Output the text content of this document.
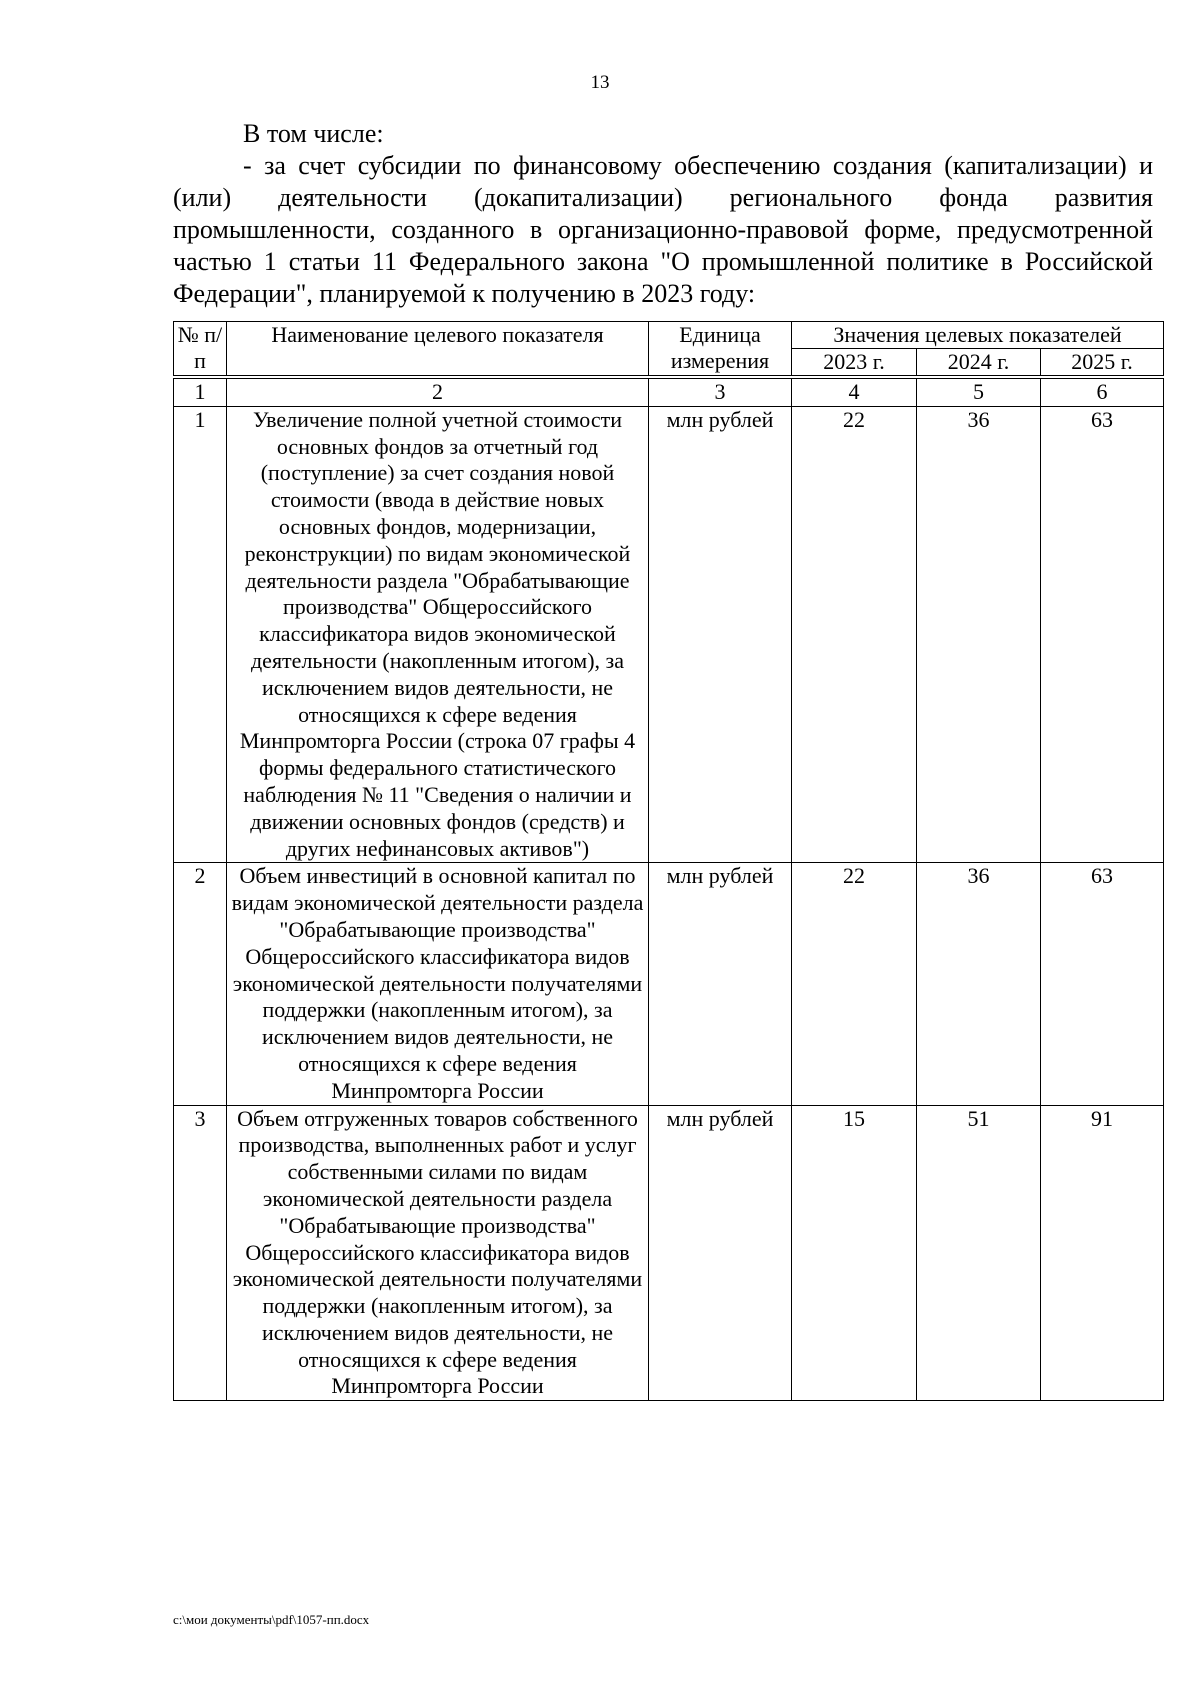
13

В том числе:

- за счет субсидии по финансовому обеспечению создания (капитализации) и (или) деятельности (докапитализации) регионального фонда развития промышленности, созданного в организационно-правовой форме, предусмотренной частью 1 статьи 11 Федерального закона "О промышленной политике в Российской Федерации", планируемой к получению в 2023 году:

№ п/п	Наименование целевого показателя	Единица измерения	Значения целевых показателей		
			2023 г.	2024 г.	2025 г.

1	2	3	4	5	6
1	Увеличение полной учетной стоимости основных фондов за отчетный год (поступление) за счет создания новой стоимости (ввода в действие новых основных фондов, модернизации, реконструкции) по видам экономической деятельности раздела "Обрабатывающие производства" Общероссийского классификатора видов экономической деятельности (накопленным итогом), за исключением видов деятельности, не относящихся к сфере ведения Минпромторга России (строка 07 графы 4 формы федерального статистического наблюдения № 11 "Сведения о наличии и движении основных фондов (средств) и других нефинансовых активов")	млн рублей	22	36	63
2	Объем инвестиций в основной капитал по видам экономической деятельности раздела "Обрабатывающие производства" Общероссийского классификатора видов экономической деятельности получателями поддержки (накопленным итогом), за исключением видов деятельности, не относящихся к сфере ведения Минпромторга России	млн рублей	22	36	63
3	Объем отгруженных товаров собственного производства, выполненных работ и услуг собственными силами по видам экономической деятельности раздела "Обрабатывающие производства" Общероссийского классификатора видов экономической деятельности получателями поддержки (накопленным итогом), за исключением видов деятельности, не относящихся к сфере ведения Минпромторга России	млн рублей	15	51	91
c:\мои документы\pdf\1057-пп.docx
